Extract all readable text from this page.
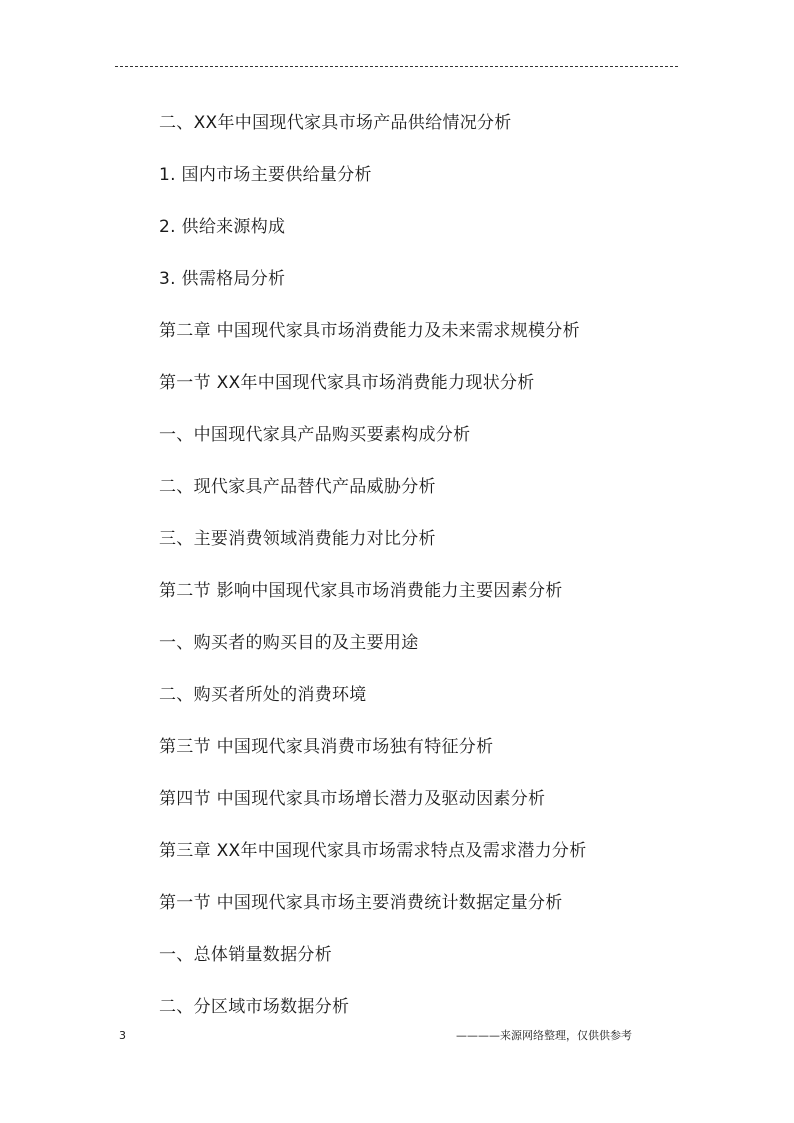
二、XX年中国现代家具市场产品供给情况分析
1. 国内市场主要供给量分析
2. 供给来源构成
3. 供需格局分析
第二章 中国现代家具市场消费能力及未来需求规模分析
第一节 XX年中国现代家具市场消费能力现状分析
一、中国现代家具产品购买要素构成分析
二、现代家具产品替代产品威胁分析
三、主要消费领域消费能力对比分析
第二节 影响中国现代家具市场消费能力主要因素分析
一、购买者的购买目的及主要用途
二、购买者所处的消费环境
第三节 中国现代家具消费市场独有特征分析
第四节 中国现代家具市场增长潜力及驱动因素分析
第三章 XX年中国现代家具市场需求特点及需求潜力分析
第一节 中国现代家具市场主要消费统计数据定量分析
一、总体销量数据分析
二、分区域市场数据分析
3	————来源网络整理，仅供供参考
